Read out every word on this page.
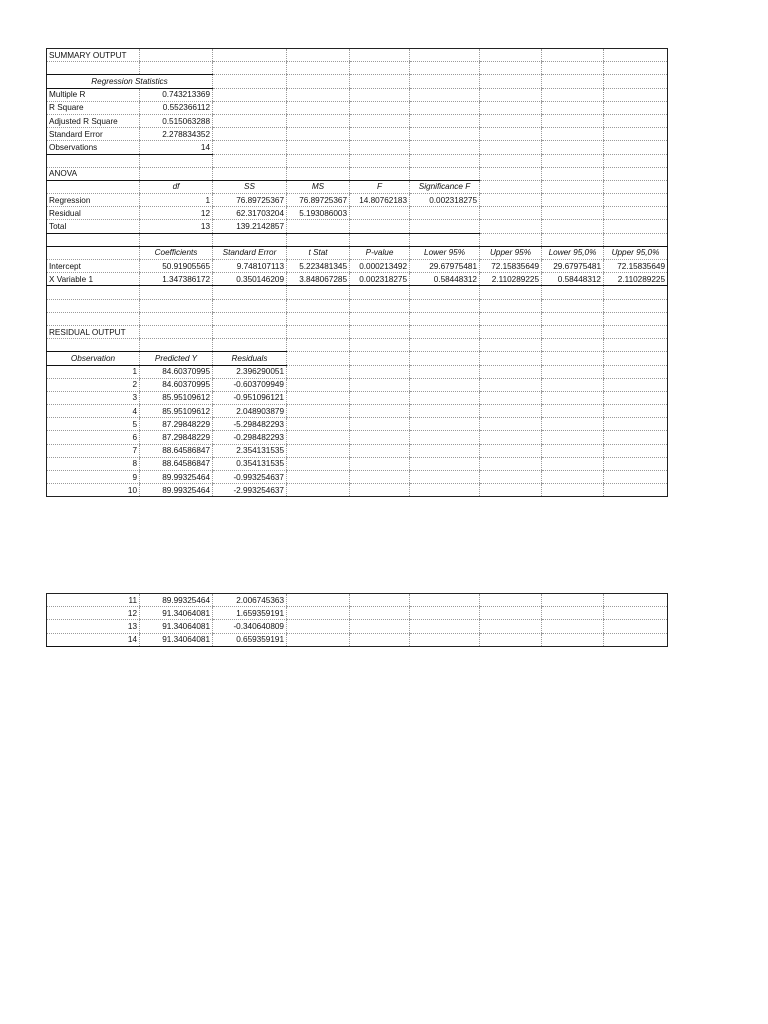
SUMMARY OUTPUT								

Regression Statistics								
Multiple R	0.743213369							
R Square	0.552366112							
Adjusted R Square	0.515063288							
Standard Error	2.278834352							
Observations	14							

ANOVA								
	df	SS	MS	F	Significance F			
Regression	1	76.89725367	76.89725367	14.80762183	0.002318275			
Residual	12	62.31703204	5.193086003					
Total	13	139.2142857						

	Coefficients	Standard Error	t Stat	P-value	Lower 95%	Upper 95%	Lower 95,0%	Upper 95,0%
Intercept	50.91905565	9.748107113	5.223481345	0.000213492	29.67975481	72.15835649	29.67975481	72.15835649
X Variable 1	1.347386172	0.350146209	3.848067285	0.002318275	0.58448312	2.110289225	0.58448312	2.110289225

RESIDUAL OUTPUT								

Observation	Predicted Y	Residuals						
1	84.60370995	2.396290051						
2	84.60370995	-0.603709949						
3	85.95109612	-0.951096121						
4	85.95109612	2.048903879						
5	87.29848229	-5.298482293						
6	87.29848229	-0.298482293						
7	88.64586847	2.354131535						
8	88.64586847	0.354131535						
9	89.99325464	-0.993254637						
10	89.99325464	-2.993254637						
11	89.99325464	2.006745363						
12	91.34064081	1.659359191						
13	91.34064081	-0.340640809						
14	91.34064081	0.659359191						
